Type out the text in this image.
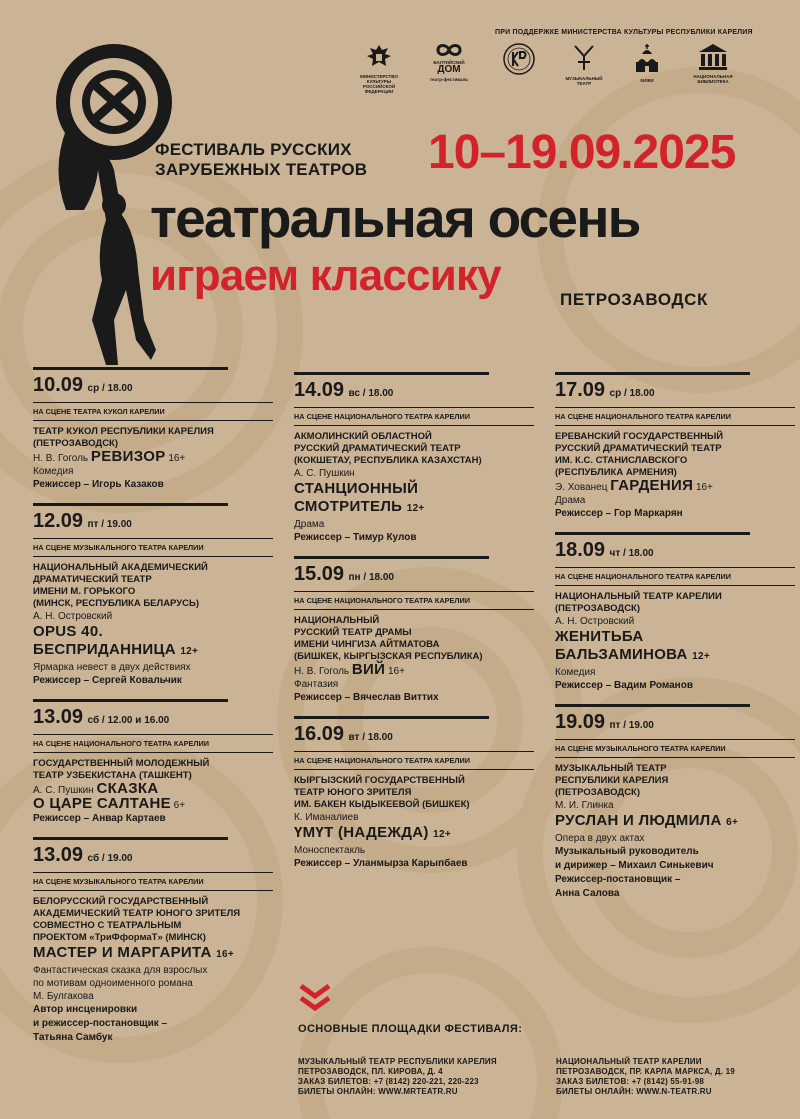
ПРИ ПОДДЕРЖКЕ МИНИСТЕРСТВА КУЛЬТУРЫ РЕСПУБЛИКИ КАРЕЛИЯ
МИНИСТЕРСТВО КУЛЬТУРЫ РОССИЙСКОЙ ФЕДЕРАЦИИ
БАЛТИЙСКИЙ
ДОМ
театр-фестиваль	МУЗЫКАЛЬНЫЙ ТЕАТР
КИЖИ
НАЦИОНАЛЬНАЯ БИБЛИОТЕКА
ФЕСТИВАЛЬ РУССКИХ
ЗАРУБЕЖНЫХ ТЕАТРОВ 10–19.09.2025
театральная осень
играем классику	ПЕТРОЗАВОДСК
10.09 ср / 18.00
НА СЦЕНЕ ТЕАТРА КУКОЛ КАРЕЛИИ
ТЕАТР КУКОЛ РЕСПУБЛИКИ КАРЕЛИЯ
(ПЕТРОЗАВОДСК)
Н. В. Гоголь РЕВИЗОР 16+
Комедия
Режиссер – Игорь Казаков
12.09 пт / 19.00
НА СЦЕНЕ МУЗЫКАЛЬНОГО ТЕАТРА КАРЕЛИИ
НАЦИОНАЛЬНЫЙ АКАДЕМИЧЕСКИЙ
ДРАМАТИЧЕСКИЙ ТЕАТР
ИМЕНИ М. ГОРЬКОГО
(МИНСК, РЕСПУБЛИКА БЕЛАРУСЬ)
А. Н. Островский
OPUS 40.
БЕСПРИДАННИЦА 12+
Ярмарка невест в двух действиях
Режиссер – Сергей Ковальчик
13.09 сб / 12.00 и 16.00
НА СЦЕНЕ НАЦИОНАЛЬНОГО ТЕАТРА КАРЕЛИИ
ГОСУДАРСТВЕННЫЙ МОЛОДЕЖНЫЙ
ТЕАТР УЗБЕКИСТАНА (ТАШКЕНТ)
А. С. Пушкин СКАЗКА
О ЦАРЕ САЛТАНЕ 6+
Режиссер – Анвар Картаев
13.09 сб / 19.00
НА СЦЕНЕ МУЗЫКАЛЬНОГО ТЕАТРА КАРЕЛИИ
БЕЛОРУССКИЙ ГОСУДАРСТВЕННЫЙ
АКАДЕМИЧЕСКИЙ ТЕАТР ЮНОГО ЗРИТЕЛЯ
СОВМЕСТНО С ТЕАТРАЛЬНЫМ
ПРОЕКТОМ «ТриФформаТ» (МИНСК)
МАСТЕР И МАРГАРИТА 16+
Фантастическая сказка для взрослых
по мотивам одноименного романа
М. Булгакова
Автор инсценировки
и режиссер-постановщик –
Татьяна Самбук
14.09 вс / 18.00
НА СЦЕНЕ НАЦИОНАЛЬНОГО ТЕАТРА КАРЕЛИИ
АКМОЛИНСКИЙ ОБЛАСТНОЙ
РУССКИЙ ДРАМАТИЧЕСКИЙ ТЕАТР
(КОКШЕТАУ, РЕСПУБЛИКА КАЗАХСТАН)
А. С. Пушкин
СТАНЦИОННЫЙ
СМОТРИТЕЛЬ 12+
Драма
Режиссер – Тимур Кулов
15.09 пн / 18.00
НА СЦЕНЕ НАЦИОНАЛЬНОГО ТЕАТРА КАРЕЛИИ
НАЦИОНАЛЬНЫЙ
РУССКИЙ ТЕАТР ДРАМЫ
ИМЕНИ ЧИНГИЗА АЙТМАТОВА
(БИШКЕК, КЫРГЫЗСКАЯ РЕСПУБЛИКА)
Н. В. Гоголь ВИЙ 16+
Фантазия
Режиссер – Вячеслав Виттих
16.09 вт / 18.00
НА СЦЕНЕ НАЦИОНАЛЬНОГО ТЕАТРА КАРЕЛИИ
КЫРГЫЗСКИЙ ГОСУДАРСТВЕННЫЙ
ТЕАТР ЮНОГО ЗРИТЕЛЯ
ИМ. БАКЕН КЫДЫКЕЕВОЙ (БИШКЕК)
К. Иманалиев
ҮМҮТ (НАДЕЖДА) 12+
Моноспектакль
Режиссер – Уланмырза Карыпбаев
17.09 ср / 18.00
НА СЦЕНЕ НАЦИОНАЛЬНОГО ТЕАТРА КАРЕЛИИ
ЕРЕВАНСКИЙ ГОСУДАРСТВЕННЫЙ
РУССКИЙ ДРАМАТИЧЕСКИЙ ТЕАТР
ИМ. К.С. СТАНИСЛАВСКОГО
(РЕСПУБЛИКА АРМЕНИЯ)
Э. Хованец ГАРДЕНИЯ 16+
Драма
Режиссер – Гор Маркарян
18.09 чт / 18.00
НА СЦЕНЕ НАЦИОНАЛЬНОГО ТЕАТРА КАРЕЛИИ
НАЦИОНАЛЬНЫЙ ТЕАТР КАРЕЛИИ
(ПЕТРОЗАВОДСК)
А. Н. Островский
ЖЕНИТЬБА
БАЛЬЗАМИНОВА 12+
Комедия
Режиссер – Вадим Романов
19.09 пт / 19.00
НА СЦЕНЕ МУЗЫКАЛЬНОГО ТЕАТРА КАРЕЛИИ
МУЗЫКАЛЬНЫЙ ТЕАТР
РЕСПУБЛИКИ КАРЕЛИЯ
(ПЕТРОЗАВОДСК)
М. И. Глинка
РУСЛАН И ЛЮДМИЛА 6+
Опера в двух актах
Музыкальный руководитель
и дирижер – Михаил Синькевич
Режиссер-постановщик –
Анна Салова
ОСНОВНЫЕ ПЛОЩАДКИ ФЕСТИВАЛЯ:
МУЗЫКАЛЬНЫЙ ТЕАТР РЕСПУБЛИКИ КАРЕЛИЯ
ПЕТРОЗАВОДСК, ПЛ. КИРОВА, Д. 4
ЗАКАЗ БИЛЕТОВ: +7 (8142) 220-221, 220-223
БИЛЕТЫ ОНЛАЙН: WWW.MRTEATR.RU
НАЦИОНАЛЬНЫЙ ТЕАТР КАРЕЛИИ
ПЕТРОЗАВОДСК, ПР. КАРЛА МАРКСА, Д. 19
ЗАКАЗ БИЛЕТОВ: +7 (8142) 55-91-98
БИЛЕТЫ ОНЛАЙН: WWW.N-TEATR.RU
